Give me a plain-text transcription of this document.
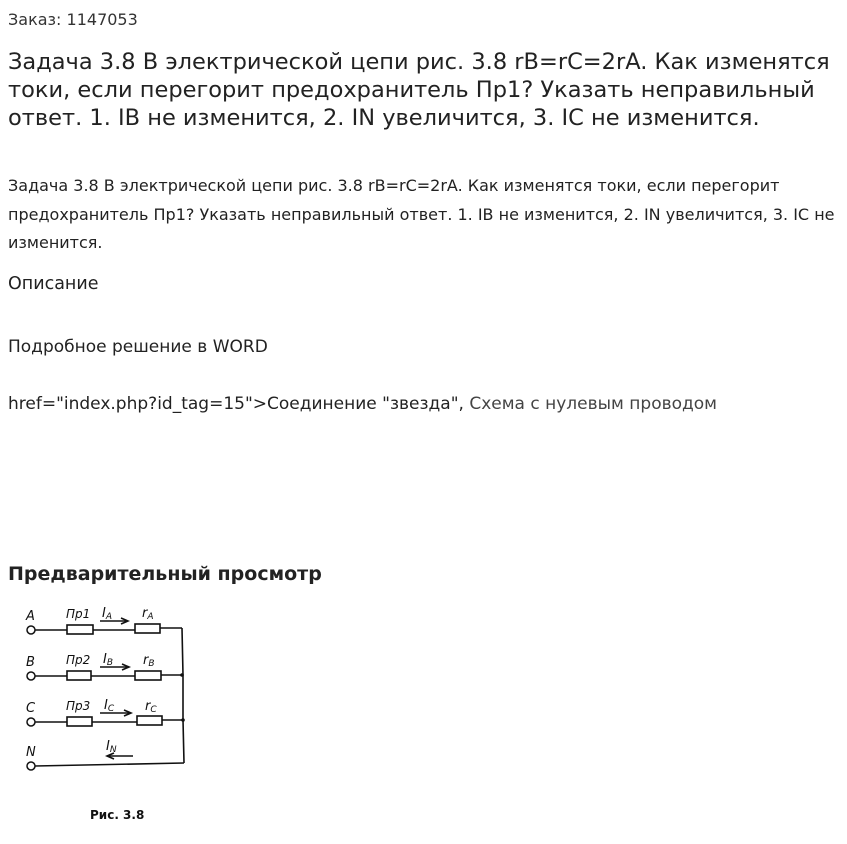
Заказ: 1147053
Задача 3.8 В электрической цепи рис. 3.8 rB=rC=2rA. Как изменятся токи, если перегорит предохранитель Пр1? Указать неправильный ответ. 1. IB не изменится, 2. IN увеличится, 3. IC не изменится.
Задача 3.8 В электрической цепи рис. 3.8 rB=rC=2rA. Как изменятся токи, если перегорит предохранитель Пр1? Указать неправильный ответ. 1. IB не изменится, 2. IN увеличится, 3. IC не изменится.
Описание
Подробное решение в WORD
href="index.php?id_tag=15">Соединение "звезда", Схема с нулевым проводом
Предварительный просмотр
A
B
C
N
Пр1
Пр2
Пр3
IA
IB
IC
IN
rA
rB
rC
Рис. 3.8
